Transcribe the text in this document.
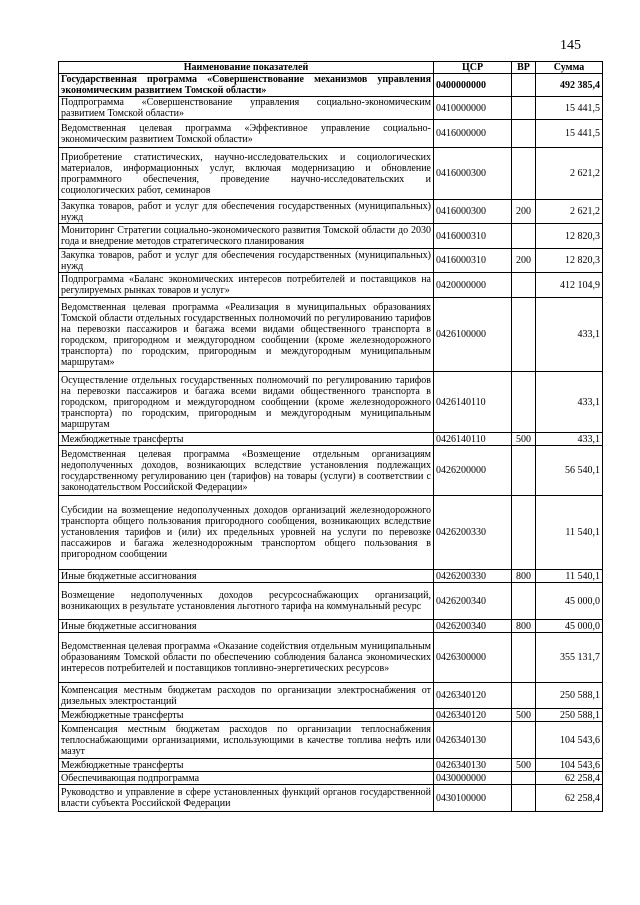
145
Наименование показателей	ЦСР	ВР	Сумма
Государственная программа «Совершенствование механизмов управления экономическим развитием Томской области»	0400000000		492 385,4
Подпрограмма «Совершенствование управления социально-экономическим развитием Томской области»	0410000000		15 441,5
Ведомственная целевая программа «Эффективное управление социально-экономическим развитием Томской области»	0416000000		15 441,5
Приобретение статистических, научно-исследовательских и социологических материалов, информационных услуг, включая модернизацию и обновление программного обеспечения, проведение научно-исследовательских и социологических работ, семинаров	0416000300		2 621,2
Закупка товаров, работ и услуг для обеспечения государственных (муниципальных) нужд	0416000300	200	2 621,2
Мониторинг Стратегии социально-экономического развития Томской области до 2030 года и внедрение методов стратегического планирования	0416000310		12 820,3
Закупка товаров, работ и услуг для обеспечения государственных (муниципальных) нужд	0416000310	200	12 820,3
Подпрограмма «Баланс экономических интересов потребителей и поставщиков на регулируемых рынках товаров и услуг»	0420000000		412 104,9
Ведомственная целевая программа «Реализация в муниципальных образованиях Томской области отдельных государственных полномочий по регулированию тарифов на перевозки пассажиров и багажа всеми видами общественного транспорта в городском, пригородном и междугородном сообщении (кроме железнодорожного транспорта) по городским, пригородным и междугородным муниципальным маршрутам»	0426100000		433,1
Осуществление отдельных государственных полномочий по регулированию тарифов на перевозки пассажиров и багажа всеми видами общественного транспорта в городском, пригородном и междугородном сообщении (кроме железнодорожного транспорта) по городским, пригородным и междугородным муниципальным маршрутам	0426140110		433,1
Межбюджетные трансферты	0426140110	500	433,1
Ведомственная целевая программа «Возмещение отдельным организациям недополученных доходов, возникающих вследствие установления подлежащих государственному регулированию цен (тарифов) на товары (услуги) в соответствии с законодательством Российской Федерации»	0426200000		56 540,1
Субсидии на возмещение недополученных доходов организаций железнодорожного транспорта общего пользования пригородного сообщения, возникающих вследствие установления тарифов и (или) их предельных уровней на услуги по перевозке пассажиров и багажа железнодорожным транспортом общего пользования в пригородном сообщении	0426200330		11 540,1
Иные бюджетные ассигнования	0426200330	800	11 540,1
Возмещение недополученных доходов ресурсоснабжающих организаций, возникающих в результате установления льготного тарифа на коммунальный ресурс	0426200340		45 000,0
Иные бюджетные ассигнования	0426200340	800	45 000,0
Ведомственная целевая программа «Оказание содействия отдельным муниципальным образованиям Томской области по обеспечению соблюдения баланса экономических интересов потребителей и поставщиков топливно-энергетических ресурсов»	0426300000		355 131,7
Компенсация местным бюджетам расходов по организации электроснабжения от дизельных электростанций	0426340120		250 588,1
Межбюджетные трансферты	0426340120	500	250 588,1
Компенсация местным бюджетам расходов по организации теплоснабжения теплоснабжающими организациями, использующими в качестве топлива нефть или мазут	0426340130		104 543,6
Межбюджетные трансферты	0426340130	500	104 543,6
Обеспечивающая подпрограмма	0430000000		62 258,4
Руководство и управление в сфере установленных функций органов государственной власти субъекта Российской Федерации	0430100000		62 258,4
